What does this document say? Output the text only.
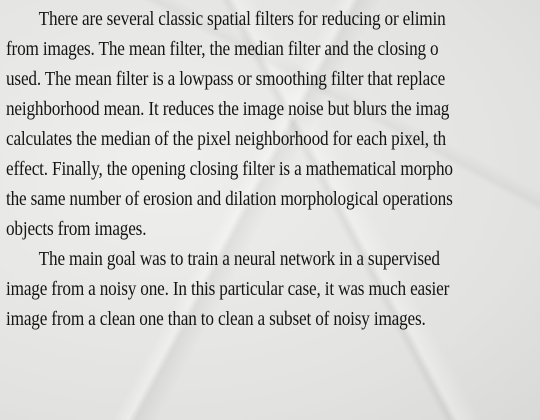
There are several classic spatial filters for reducing or elimin
from images. The mean filter, the median filter and the closing o
used. The mean filter is a lowpass or smoothing filter that replace
neighborhood mean. It reduces the image noise but blurs the imag
calculates the median of the pixel neighborhood for each pixel, th
effect. Finally, the opening closing filter is a mathematical morpho
the same number of erosion and dilation morphological operations
objects from images.
The main goal was to train a neural network in a supervised
image from a noisy one. In this particular case, it was much easier
image from a clean one than to clean a subset of noisy images.
